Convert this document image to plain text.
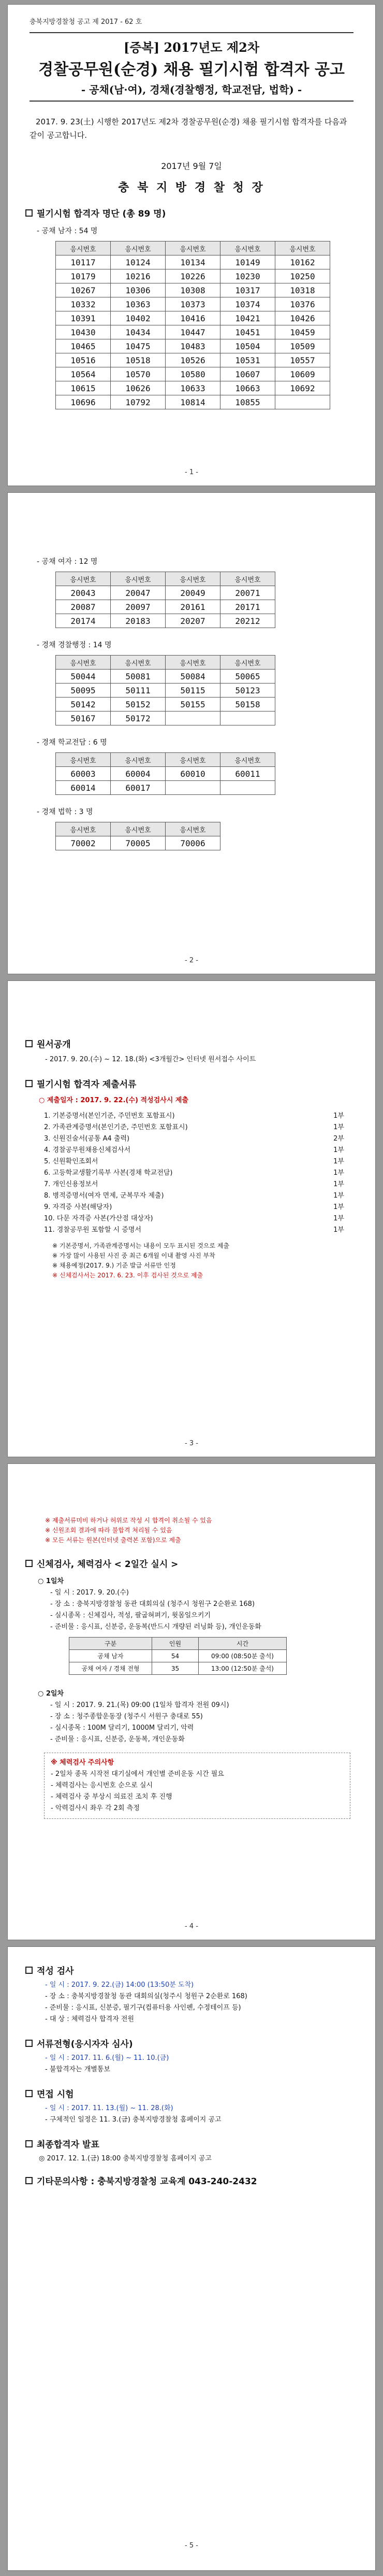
충북지방경찰청 공고 제 2017 - 62 호
[증복] 2017년도 제2차
경찰공무원(순경) 채용 필기시험 합격자 공고
- 공채(남·여), 경채(경찰행정, 학교전담, 법학) -
2017. 9. 23(土) 시행한 2017년도 제2차 경찰공무원(순경) 채용 필기시험 합격자를 다음과 같이 공고합니다.
2017년 9월 7일
충 북 지 방 경 찰 청 장
필기시험 합격자 명단 (총 89 명)
- 공채 남자 : 54 명
응시번호	응시번호	응시번호	응시번호	응시번호
10117	10124	10134	10149	10162
10179	10216	10226	10230	10250
10267	10306	10308	10317	10318
10332	10363	10373	10374	10376
10391	10402	10416	10421	10426
10430	10434	10447	10451	10459
10465	10475	10483	10504	10509
10516	10518	10526	10531	10557
10564	10570	10580	10607	10609
10615	10626	10633	10663	10692
10696	10792	10814	10855	
- 1 -
- 공채 여자 : 12 명
응시번호	응시번호	응시번호	응시번호
20043	20047	20049	20071
20087	20097	20161	20171
20174	20183	20207	20212
- 경채 경찰행정 : 14 명
응시번호	응시번호	응시번호	응시번호
50044	50081	50084	50065
50095	50111	50115	50123
50142	50152	50155	50158
50167	50172		
- 경채 학교전담 : 6 명
응시번호	응시번호	응시번호	응시번호
60003	60004	60010	60011
60014	60017		
- 경채 법학 : 3 명
응시번호	응시번호	응시번호
70002	70005	70006
- 2 -
원서공개
- 2017. 9. 20.(수) ~ 12. 18.(화) <3개월간> 인터넷 원서접수 사이트
필기시험 합격자 제출서류
○ 제출일자 : 2017. 9. 22.(수) 적성검사시 제출
1. 기본증명서(본인기준, 주민번호 포함표시)	1부
2. 가족관계증명서(본인기준, 주민번호 포함표시)	1부
3. 신원진술서(공통 A4 출력)	2부
4. 경찰공무원채용신체검사서	1부
5. 신원확인조회서	1부
6. 고등학교생활기록부 사본(경채 학교전담)	1부
7. 개인신용정보서	1부
8. 병적증명서(여자 면제, 군복무자 제출)	1부
9. 자격증 사본(해당자)	1부
10. 다문 자격증 사본(가산점 대상자)	1부
11. 경찰공무원 포함할 시 증명서	1부
※ 기본증명서, 가족관계증명서는 내용이 모두 표시된 것으로 제출
※ 가장 많이 사용된 사진 중 최근 6개월 이내 촬영 사진 부착
※ 채용예정(2017. 9.) 기준 발급 서류만 인정
※ 신체검사서는 2017. 6. 23. 이후 검사된 것으로 제출
- 3 -
※ 제출서류미비 하거나 허위로 작성 시 합격이 취소될 수 있음
※ 신원조회 결과에 따라 불합격 처리될 수 있음
※ 모든 서류는 원본(인터넷 출력본 포함)으로 제출
신체검사, 체력검사 < 2일간 실시 >
○ 1일차
- 일 시 : 2017. 9. 20.(수)
- 장 소 : 충북지방경찰청 동관 대회의실 (청주시 청원구 2순환로 168)
- 실시종목 : 신체검사, 적성, 팔굽혀펴기, 윗몸일으키기
- 준비물 : 응시표, 신분증, 운동복(반드시 개량된 러닝화 등), 개인운동화
구분	인원	시간
공채 남자	54	09:00 (08:50분 출석)
공채 여자 / 경채 전형	35	13:00 (12:50분 출석)
○ 2일차
- 일 시 : 2017. 9. 21.(목) 09:00 (1일차 합격자 전원 09시)
- 장 소 : 청주종합운동장 (청주시 서원구 충대로 55)
- 실시종목 : 100M 달리기, 1000M 달리기, 악력
- 준비물 : 응시표, 신분증, 운동복, 개인운동화
※ 체력검사 주의사항
- 2일차 종목 시작전 대기실에서 개인별 준비운동 시간 필요
- 체력검사는 응시번호 순으로 실시
- 체력검사 중 부상시 의료진 조치 후 진행
- 악력검사시 좌우 각 2회 측정
- 4 -
적성 검사
- 일 시 : 2017. 9. 22.(금) 14:00 (13:50분 도착)
- 장 소 : 충북지방경찰청 동관 대회의실(청주시 청원구 2순환로 168)
- 준비물 : 응시표, 신분증, 필기구(컴퓨터용 사인펜, 수정테이프 등)
- 대 상 : 체력검사 합격자 전원
서류전형(응시자자 심사)
- 일 시 : 2017. 11. 6.(월) ~ 11. 10.(금)
- 불합격자는 개별통보
면접 시험
- 일 시 : 2017. 11. 13.(월) ~ 11. 28.(화)
- 구체적인 일정은 11. 3.(금) 충북지방경찰청 홈페이지 공고
최종합격자 발표
◎ 2017. 12. 1.(금) 18:00 충북지방경찰청 홈페이지 공고
기타문의사항 : 충북지방경찰청 교육계 043-240-2432
- 5 -
